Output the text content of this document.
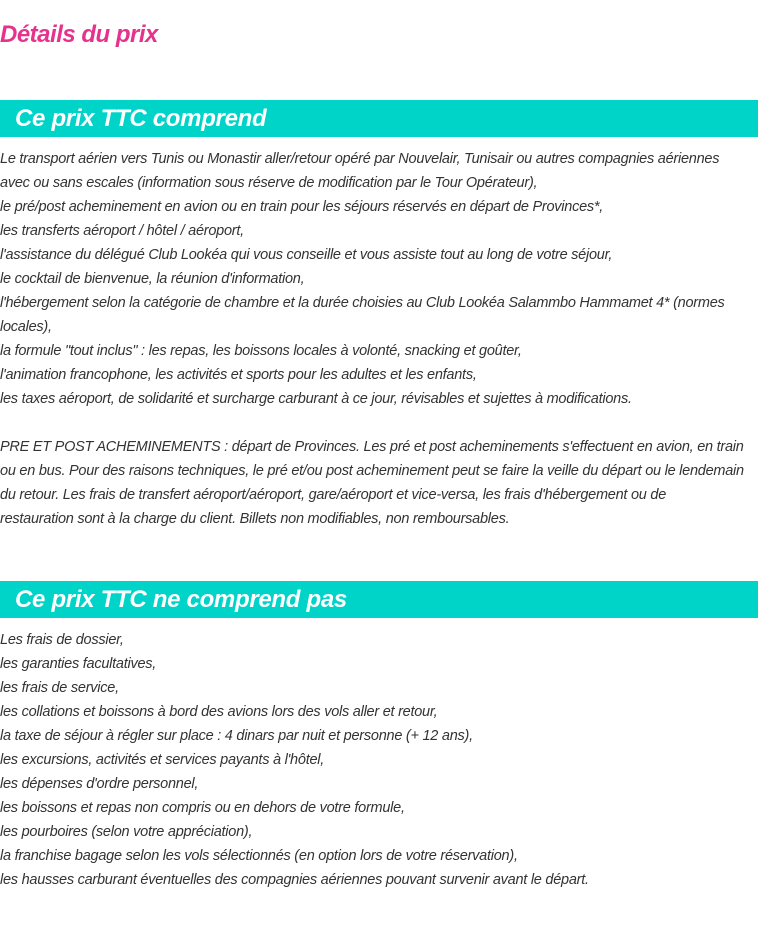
Détails du prix
Ce prix TTC comprend
Le transport aérien vers Tunis ou Monastir aller/retour opéré par Nouvelair, Tunisair ou autres compagnies aériennes
avec ou sans escales (information sous réserve de modification par le Tour Opérateur),
le pré/post acheminement en avion ou en train pour les séjours réservés en départ de Provinces*,
les transferts aéroport / hôtel / aéroport,
l'assistance du délégué Club Lookéa qui vous conseille et vous assiste tout au long de votre séjour,
le cocktail de bienvenue, la réunion d'information,
l'hébergement selon la catégorie de chambre et la durée choisies au Club Lookéa Salammbo Hammamet 4* (normes
locales),
la formule "tout inclus" : les repas, les boissons locales à volonté, snacking et goûter,
l'animation francophone, les activités et sports pour les adultes et les enfants,
les taxes aéroport, de solidarité et surcharge carburant à ce jour, révisables et sujettes à modifications.
PRE ET POST ACHEMINEMENTS : départ de Provinces. Les pré et post acheminements s'effectuent en avion, en train
ou en bus. Pour des raisons techniques, le pré et/ou post acheminement peut se faire la veille du départ ou le lendemain
du retour. Les frais de transfert aéroport/aéroport, gare/aéroport et vice-versa, les frais d'hébergement ou de
restauration sont à la charge du client. Billets non modifiables, non remboursables.
Ce prix TTC ne comprend pas
Les frais de dossier,
les garanties facultatives,
les frais de service,
les collations et boissons à bord des avions lors des vols aller et retour,
la taxe de séjour à régler sur place : 4 dinars par nuit et personne (+ 12 ans),
les excursions, activités et services payants à l'hôtel,
les dépenses d'ordre personnel,
les boissons et repas non compris ou en dehors de votre formule,
les pourboires (selon votre appréciation),
la franchise bagage selon les vols sélectionnés (en option lors de votre réservation),
les hausses carburant éventuelles des compagnies aériennes pouvant survenir avant le départ.
